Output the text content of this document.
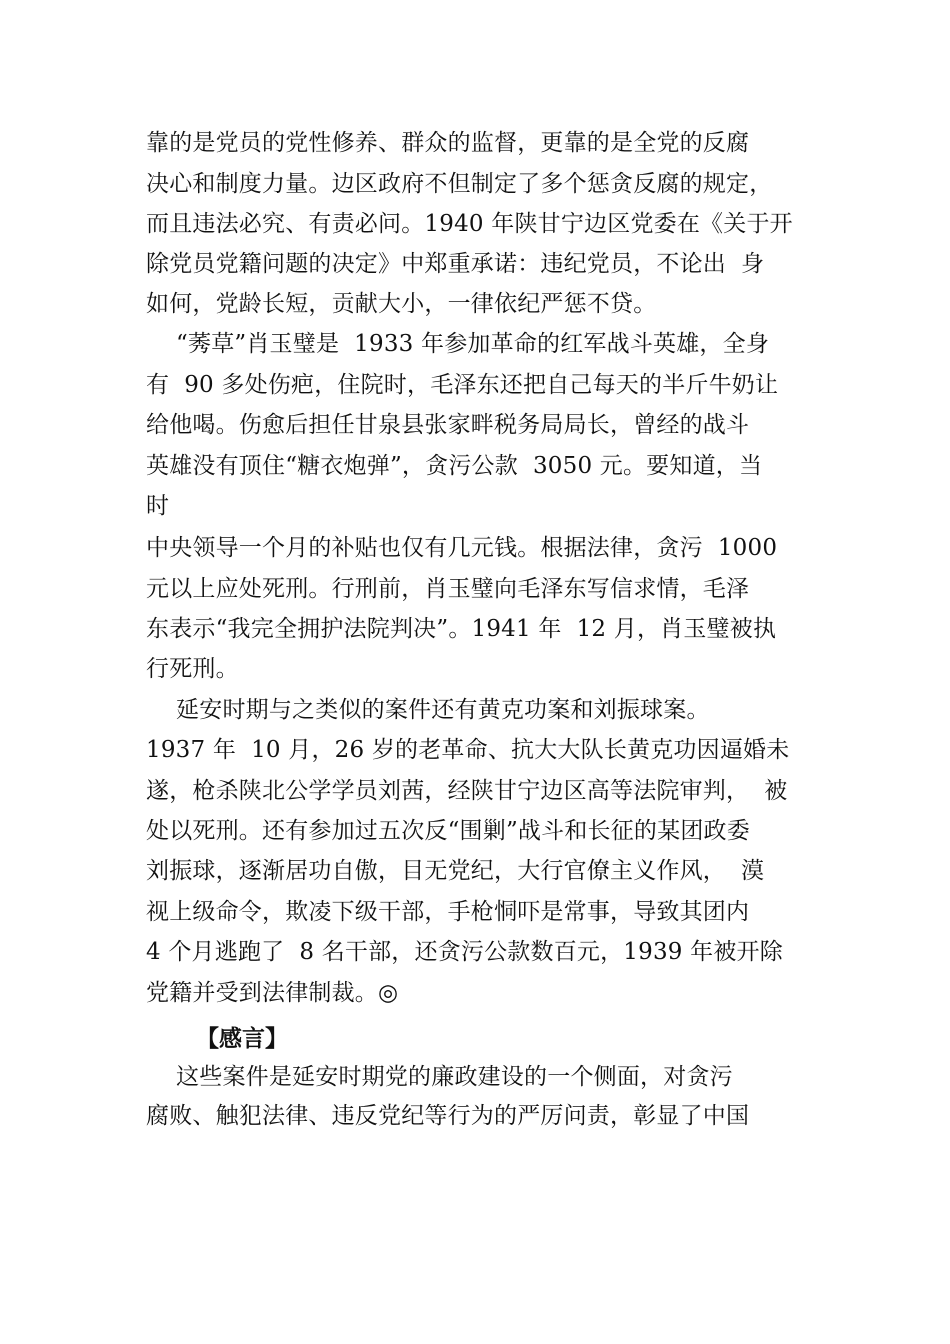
靠的是党员的党性修养、群众的监督，更靠的是全党的反腐
决心和制度力量。边区政府不但制定了多个惩贪反腐的规定，
而且违法必究、有责必问。1940 年陕甘宁边区党委在《关于开
除党员党籍问题的决定》中郑重承诺：违纪党员，不论出  身
如何，党龄长短，贡献大小，一律依纪严惩不贷。
“莠草”肖玉璧是  1933 年参加革命的红军战斗英雄，全身
有  90 多处伤疤，住院时，毛泽东还把自己每天的半斤牛奶让
给他喝。伤愈后担任甘泉县张家畔税务局局长，曾经的战斗
英雄没有顶住“糖衣炮弹”，贪污公款  3050 元。要知道，当
时
中央领导一个月的补贴也仅有几元钱。根据法律，贪污  1000
元以上应处死刑。行刑前，肖玉璧向毛泽东写信求情，毛泽
东表示“我完全拥护法院判决”。1941 年  12 月，肖玉璧被执
行死刑。
延安时期与之类似的案件还有黄克功案和刘振球案。
1937 年  10 月，26 岁的老革命、抗大大队长黄克功因逼婚未
遂，枪杀陕北公学学员刘茜，经陕甘宁边区高等法院审判，  被
处以死刑。还有参加过五次反“围剿”战斗和长征的某团政委
刘振球，逐渐居功自傲，目无党纪，大行官僚主义作风，  漠
视上级命令，欺凌下级干部，手枪恫吓是常事，导致其团内
4 个月逃跑了  8 名干部，还贪污公款数百元，1939 年被开除
党籍并受到法律制裁。◎
【感言】
这些案件是延安时期党的廉政建设的一个侧面，对贪污
腐败、触犯法律、违反党纪等行为的严厉问责，彰显了中国
